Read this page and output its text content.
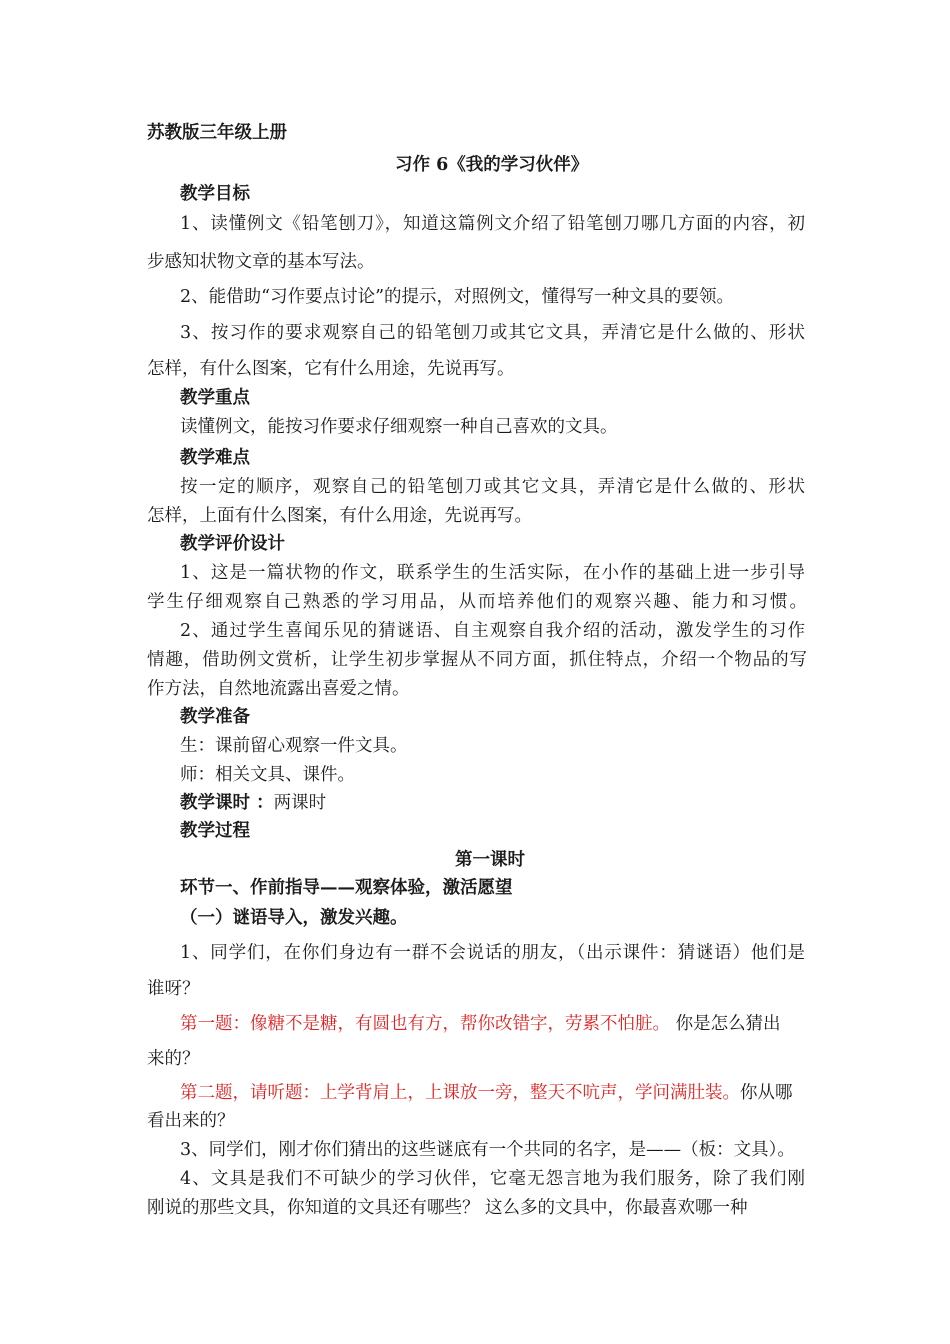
苏教版三年级上册
习作 6《我的学习伙伴》
教学目标
1、读懂例文《铅笔刨刀》，知道这篇例文介绍了铅笔刨刀哪几方面的内容，初
步感知状物文章的基本写法。
2、能借助“习作要点讨论”的提示，对照例文，懂得写一种文具的要领。
3、按习作的要求观察自己的铅笔刨刀或其它文具，弄清它是什么做的、形状
怎样，有什么图案，它有什么用途，先说再写。
教学重点
读懂例文，能按习作要求仔细观察一种自己喜欢的文具。
教学难点
按一定的顺序，观察自己的铅笔刨刀或其它文具，弄清它是什么做的、形状
怎样，上面有什么图案，有什么用途，先说再写。
教学评价设计
1、这是一篇状物的作文，联系学生的生活实际，在小作的基础上进一步引导
学生仔细观察自己熟悉的学习用品，从而培养他们的观察兴趣、能力和习惯。
2、通过学生喜闻乐见的猜谜语、自主观察自我介绍的活动，激发学生的习作
情趣，借助例文赏析，让学生初步掌握从不同方面，抓住特点，介绍一个物品的写
作方法，自然地流露出喜爱之情。
教学准备
生：课前留心观察一件文具。
师：相关文具、课件。
教学课时 ：两课时
教学过程
第一课时
环节一、作前指导——观察体验，激活愿望
（一）谜语导入，激发兴趣。
1、同学们，在你们身边有一群不会说话的朋友，（出示课件：猜谜语）他们是
谁呀？
第一题：像糖不是糖，有圆也有方，帮你改错字，劳累不怕脏。 你是怎么猜出
来的？
第二题，请听题：上学背肩上，上课放一旁，整天不吭声，学问满肚装。你从哪
看出来的？
3、同学们，刚才你们猜出的这些谜底有一个共同的名字，是——（板：文具）。
4、文具是我们不可缺少的学习伙伴，它毫无怨言地为我们服务，除了我们刚
刚说的那些文具，你知道的文具还有哪些？ 这么多的文具中，你最喜欢哪一种
